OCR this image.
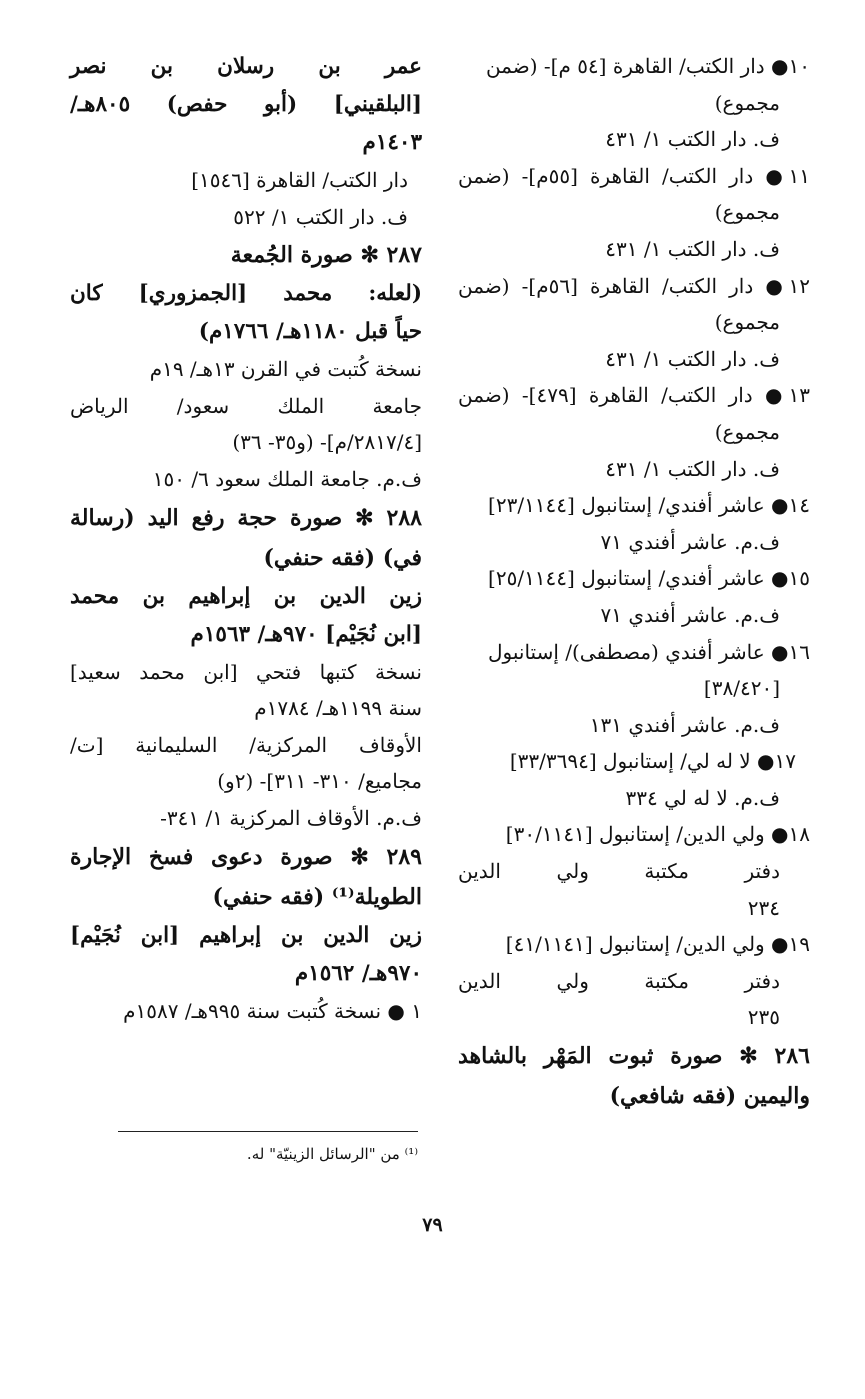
١٠● دار الكتب/ القاهرة [٥٤ م]- (ضمن
مجموع)
ف. دار الكتب ١/ ٤٣١
١١● دار الكتب/ القاهرة [٥٥م]- (ضمن
مجموع)
ف. دار الكتب ١/ ٤٣١
١٢● دار الكتب/ القاهرة [٥٦م]- (ضمن
مجموع)
ف. دار الكتب ١/ ٤٣١
١٣● دار الكتب/ القاهرة [٤٧٩]- (ضمن
مجموع)
ف. دار الكتب ١/ ٤٣١
١٤● عاشر أفندي/ إستانبول [٢٣/١١٤٤]
ف.م. عاشر أفندي ٧١
١٥● عاشر أفندي/ إستانبول [٢٥/١١٤٤]
ف.م. عاشر أفندي ٧١
١٦● عاشر أفندي (مصطفى)/ إستانبول
[٣٨/٤٢٠]
ف.م. عاشر أفندي ١٣١
١٧● لا له لي/ إستانبول [٣٣/٣٦٩٤]
ف.م. لا له لي ٣٣٤
١٨● ولي الدين/ إستانبول [٣٠/١١٤١]
دفتر مكتبة ولي الدين
٢٣٤
١٩● ولي الدين/ إستانبول [٤١/١١٤١]
دفتر مكتبة ولي الدين
٢٣٥
٢٨٦ ✻ صورة ثبوت المَهْر بالشاهد
واليمين (فقه شافعي)
عمر بن رسلان بن نصر
[البلقيني] (أبو حفص) ٨٠٥هـ/
١٤٠٣م
دار الكتب/ القاهرة [١٥٤٦]
ف. دار الكتب ١/ ٥٢٢
٢٨٧ ✻ صورة الجُمعة
(لعله: محمد [الجمزوري] كان
حياً قبل ١١٨٠هـ/ ١٧٦٦م)
نسخة كُتبت في القرن ١٣هـ/ ١٩م
جامعة الملك سعود/ الرياض
[٢٨١٧/٤/م]- (و٣٥- ٣٦)
ف.م. جامعة الملك سعود ٦/ ١٥٠
٢٨٨ ✻ صورة حجة رفع اليد (رسالة
في) (فقه حنفي)
زين الدين بن إبراهيم بن محمد
[ابن نُجَيْم] ٩٧٠هـ/ ١٥٦٣م
نسخة كتبها فتحي [ابن محمد سعيد]
سنة ١١٩٩هـ/ ١٧٨٤م
الأوقاف المركزية/ السليمانية [ت/
مجاميع/ ٣١٠- ٣١١]- (٢و)
ف.م. الأوقاف المركزية ١/ ٣٤١-
٢٨٩ ✻ صورة دعوى فسخ الإجارة
الطويلة⁽¹⁾ (فقه حنفي)
زين الدين بن إبراهيم [ابن نُجَيْم]
٩٧٠هـ/ ١٥٦٢م
١ ● نسخة كُتبت سنة ٩٩٥هـ/ ١٥٨٧م
⁽¹⁾ من "الرسائل الزينيّة" له.
٧٩
